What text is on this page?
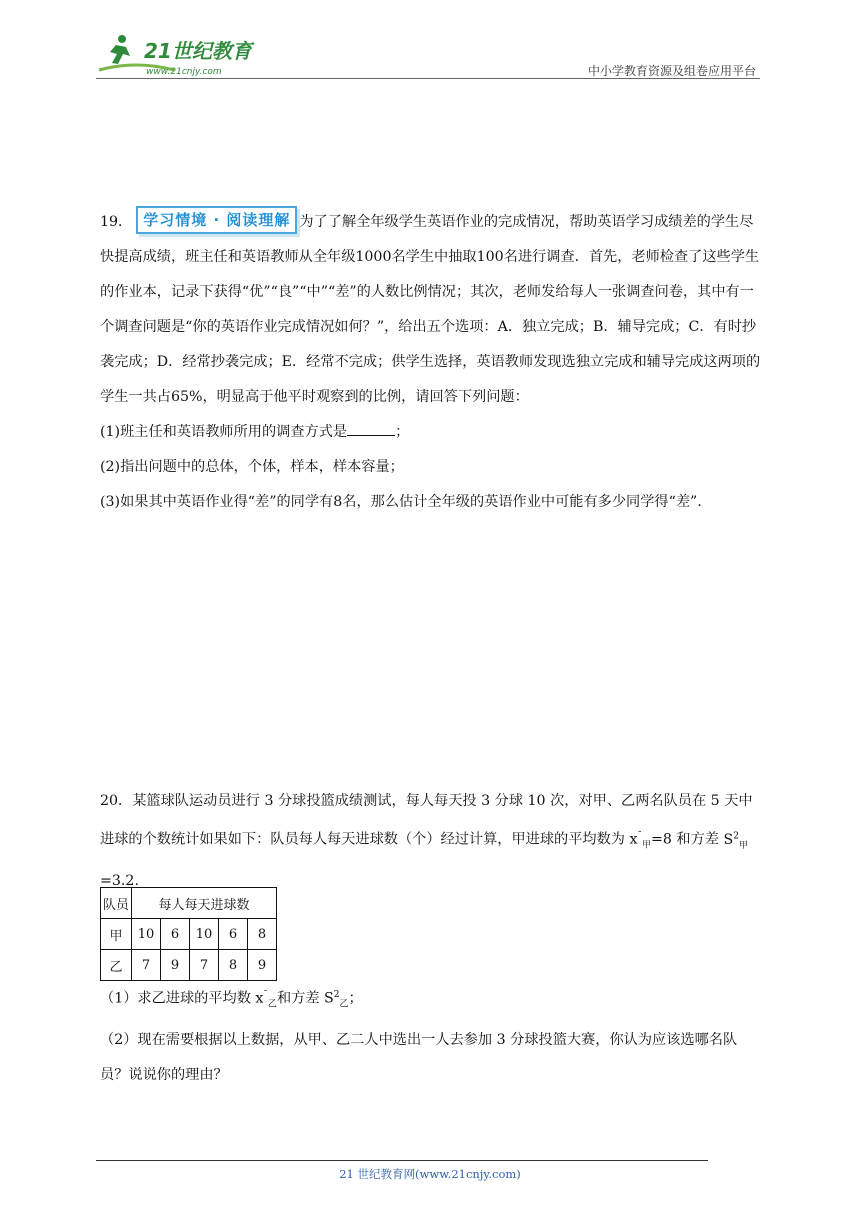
21世纪教育
www.21cnjy.com	中小学教育资源及组卷应用平台

19． 学习情境 · 阅读理解 为了了解全年级学生英语作业的完成情况，帮助英语学习成绩差的学生尽快提高成绩，班主任和英语教师从全年级1000名学生中抽取100名进行调查．首先，老师检查了这些学生的作业本，记录下获得“优”“良”“中”“差”的人数比例情况；其次，老师发给每人一张调查问卷，其中有一个调查问题是“你的英语作业完成情况如何？”，给出五个选项：A．独立完成；B．辅导完成；C．有时抄袭完成；D．经常抄袭完成；E．经常不完成；供学生选择，英语教师发现选独立完成和辅导完成这两项的学生一共占65%，明显高于他平时观察到的比例，请回答下列问题：

(1)班主任和英语教师所用的调查方式是	；

(2)指出问题中的总体，个体，样本，样本容量；

(3)如果其中英语作业得“差”的同学有8名，那么估计全年级的英语作业中可能有多少同学得“差”.

20．某篮球队运动员进行 3 分球投篮成绩测试，每人每天投 3 分球 10 次，对甲、乙两名队员在 5 天中进球的个数统计如果如下：队员每人每天进球数（个）经过计算，甲进球的平均数为 $x^¯_甲=8$ 和方差 $S^2_甲=3.2$.

队员	每人每天进球数				
甲	10	6	10	6	8
乙	7	9	7	8	9

（1）求乙进球的平均数 $x^¯_乙$和方差 $S^2_乙$；

（2）现在需要根据以上数据，从甲、乙二人中选出一人去参加 3 分球投篮大赛，你认为应该选哪名队员？说说你的理由？

21 世纪教育网(www.21cnjy.com)
